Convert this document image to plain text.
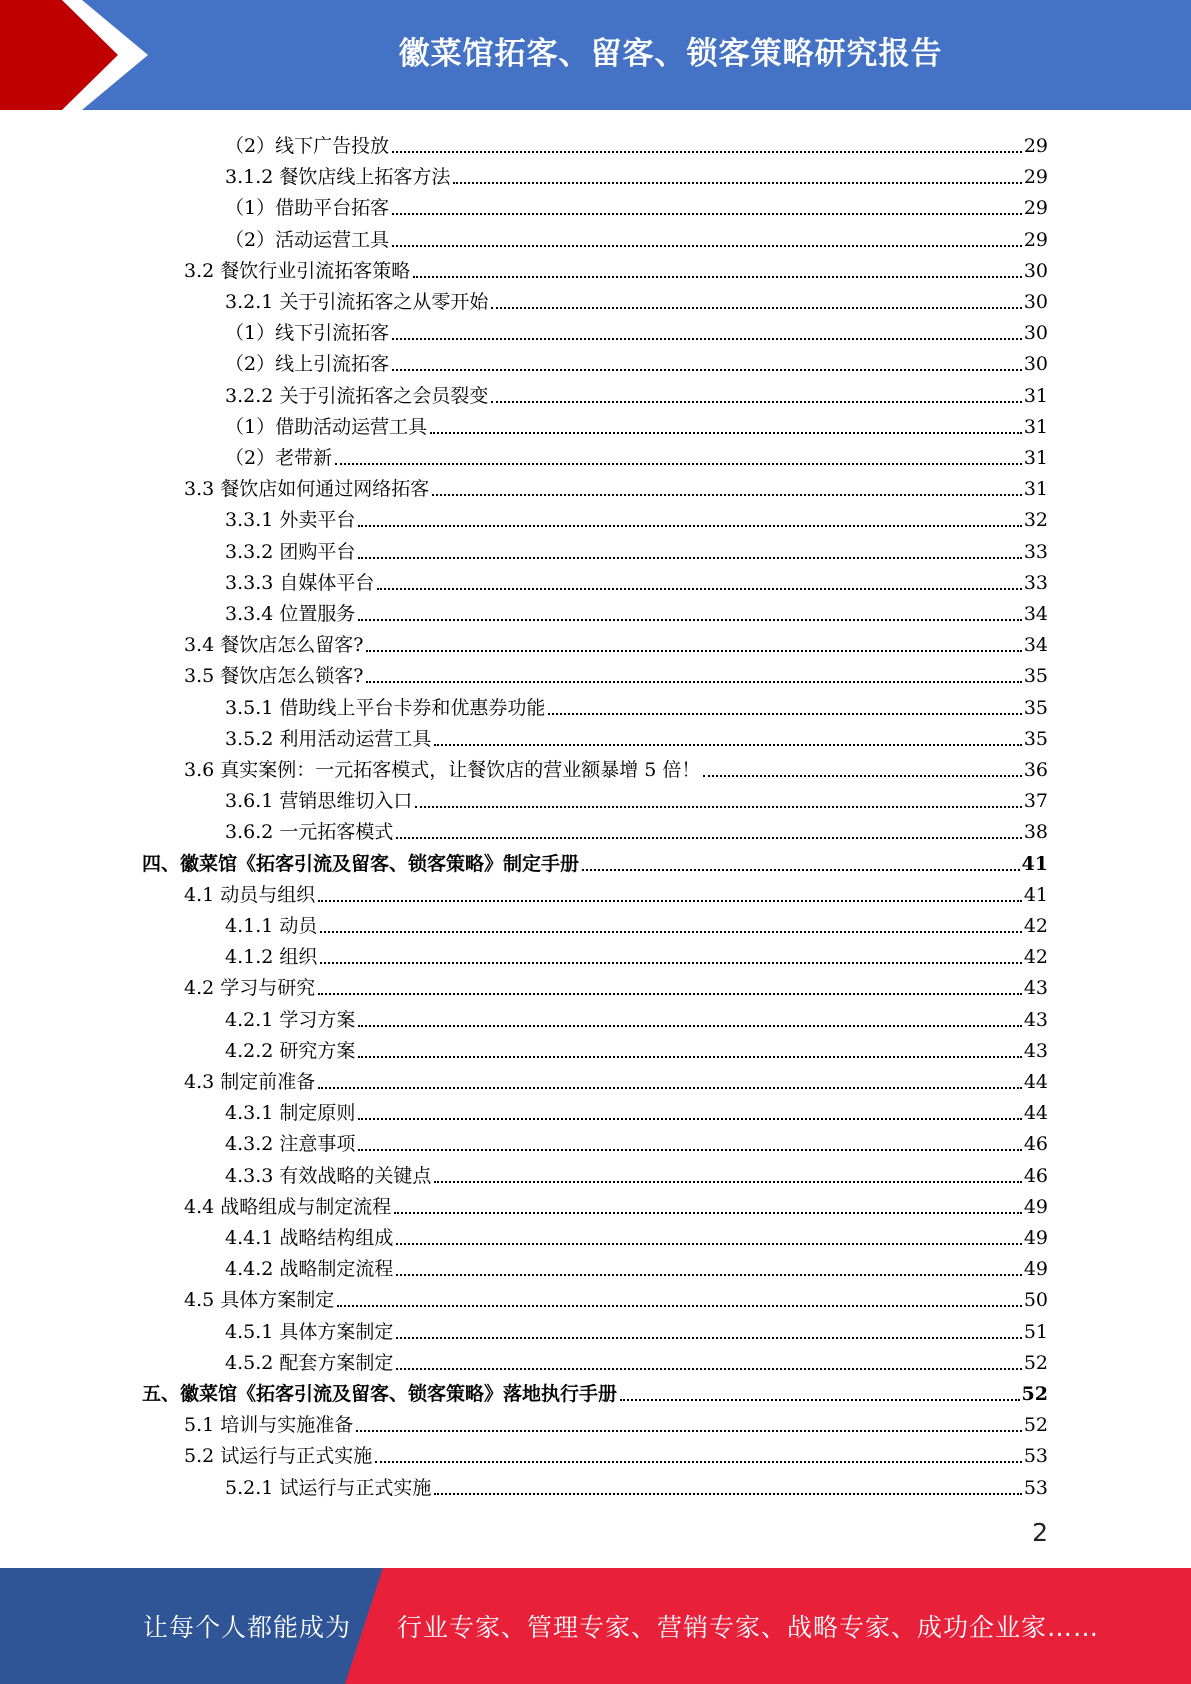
徽菜馆拓客、留客、锁客策略研究报告
（2）线下广告投放	29
3.1.2 餐饮店线上拓客方法	29
（1）借助平台拓客	29
（2）活动运营工具	29
3.2 餐饮行业引流拓客策略	30
3.2.1 关于引流拓客之从零开始	30
（1）线下引流拓客	30
（2）线上引流拓客	30
3.2.2 关于引流拓客之会员裂变	31
（1）借助活动运营工具	31
（2）老带新	31
3.3 餐饮店如何通过网络拓客	31
3.3.1 外卖平台	32
3.3.2 团购平台	33
3.3.3 自媒体平台	33
3.3.4 位置服务	34
3.4 餐饮店怎么留客?	34
3.5 餐饮店怎么锁客?	35
3.5.1 借助线上平台卡券和优惠券功能	35
3.5.2 利用活动运营工具	35
3.6 真实案例：一元拓客模式，让餐饮店的营业额暴增 5 倍！	36
3.6.1 营销思维切入口	37
3.6.2 一元拓客模式	38
四、徽菜馆《拓客引流及留客、锁客策略》制定手册	41
4.1 动员与组织	41
4.1.1 动员	42
4.1.2 组织	42
4.2 学习与研究	43
4.2.1 学习方案	43
4.2.2 研究方案	43
4.3 制定前准备	44
4.3.1 制定原则	44
4.3.2 注意事项	46
4.3.3 有效战略的关键点	46
4.4 战略组成与制定流程	49
4.4.1 战略结构组成	49
4.4.2 战略制定流程	49
4.5 具体方案制定	50
4.5.1 具体方案制定	51
4.5.2 配套方案制定	52
五、徽菜馆《拓客引流及留客、锁客策略》落地执行手册	52
5.1 培训与实施准备	52
5.2 试运行与正式实施	53
5.2.1 试运行与正式实施	53
2
让每个人都能成为 行业专家、管理专家、营销专家、战略专家、成功企业家……
